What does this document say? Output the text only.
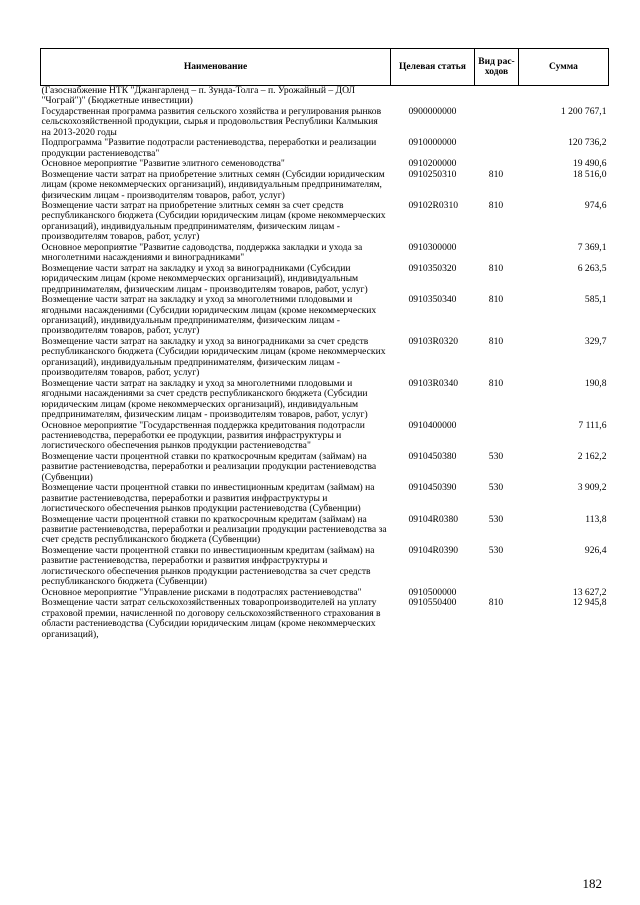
Наименование	Целевая статья	Вид рас-ходов	Сумма
(Газоснабжение НТК "Джангарленд – п. Зунда-Толга – п. Урожайный – ДОЛ "Чограй")" (Бюджетные инвестиции)			
Государственная программа развития сельского хозяйства и регулирования рынков сельскохозяйственной продукции, сырья и продовольствия Республики Калмыкия на 2013-2020 годы	0900000000		1 200 767,1
Подпрограмма "Развитие подотрасли растениеводства, переработки и реализации продукции растениеводства"	0910000000		120 736,2
Основное мероприятие "Развитие элитного семеноводства"	0910200000		19 490,6
Возмещение части затрат на приобретение элитных семян (Субсидии юридическим лицам (кроме некоммерческих организаций), индивидуальным предпринимателям, физическим лицам - производителям товаров, работ, услуг)	0910250310	810	18 516,0
Возмещение части затрат на приобретение элитных семян за счет средств республиканского бюджета (Субсидии юридическим лицам (кроме некоммерческих организаций), индивидуальным предпринимателям, физическим лицам - производителям товаров, работ, услуг)	09102R0310	810	974,6
Основное мероприятие "Развитие садоводства, поддержка закладки и ухода за многолетними насаждениями и виноградниками"	0910300000		7 369,1
Возмещение части затрат на закладку и уход за виноградниками (Субсидии юридическим лицам (кроме некоммерческих организаций), индивидуальным предпринимателям, физическим лицам - производителям товаров, работ, услуг)	0910350320	810	6 263,5
Возмещение части затрат на закладку и уход за многолетними плодовыми и ягодными насаждениями (Субсидии юридическим лицам (кроме некоммерческих организаций), индивидуальным предпринимателям, физическим лицам - производителям товаров, работ, услуг)	0910350340	810	585,1
Возмещение части затрат на закладку и уход за виноградниками за счет средств республиканского бюджета (Субсидии юридическим лицам (кроме некоммерческих организаций), индивидуальным предпринимателям, физическим лицам - производителям товаров, работ, услуг)	09103R0320	810	329,7
Возмещение части затрат на закладку и уход за многолетними плодовыми и ягодными насаждениями за счет средств республиканского бюджета (Субсидии юридическим лицам (кроме некоммерческих организаций), индивидуальным предпринимателям, физическим лицам - производителям товаров, работ, услуг)	09103R0340	810	190,8
Основное мероприятие "Государственная поддержка кредитования подотрасли растениеводства, переработки ее продукции, развития инфраструктуры и логистического обеспечения рынков продукции растениеводства"	0910400000		7 111,6
Возмещение части процентной ставки по краткосрочным кредитам (займам) на развитие растениеводства, переработки и реализации продукции растениеводства (Субвенции)	0910450380	530	2 162,2
Возмещение части процентной ставки по инвестиционным кредитам (займам) на развитие растениеводства, переработки и развития инфраструктуры и логистического обеспечения рынков продукции растениеводства (Субвенции)	0910450390	530	3 909,2
Возмещение части процентной ставки по краткосрочным кредитам (займам) на развитие растениеводства, переработки и реализации продукции растениеводства за счет средств республиканского бюджета (Субвенции)	09104R0380	530	113,8
Возмещение части процентной ставки по инвестиционным кредитам (займам) на развитие растениеводства, переработки и развития инфраструктуры и логистического обеспечения рынков продукции растениеводства за счет средств республиканского бюджета (Субвенции)	09104R0390	530	926,4
Основное мероприятие "Управление рисками в подотраслях растениеводства"	0910500000		13 627,2
Возмещение части затрат сельскохозяйственных товаропроизводителей на уплату страховой премии, начисленной по договору сельскохозяйственного страхования в области растениеводства (Субсидии юридическим лицам (кроме некоммерческих организаций),	0910550400	810	12 945,8
182
